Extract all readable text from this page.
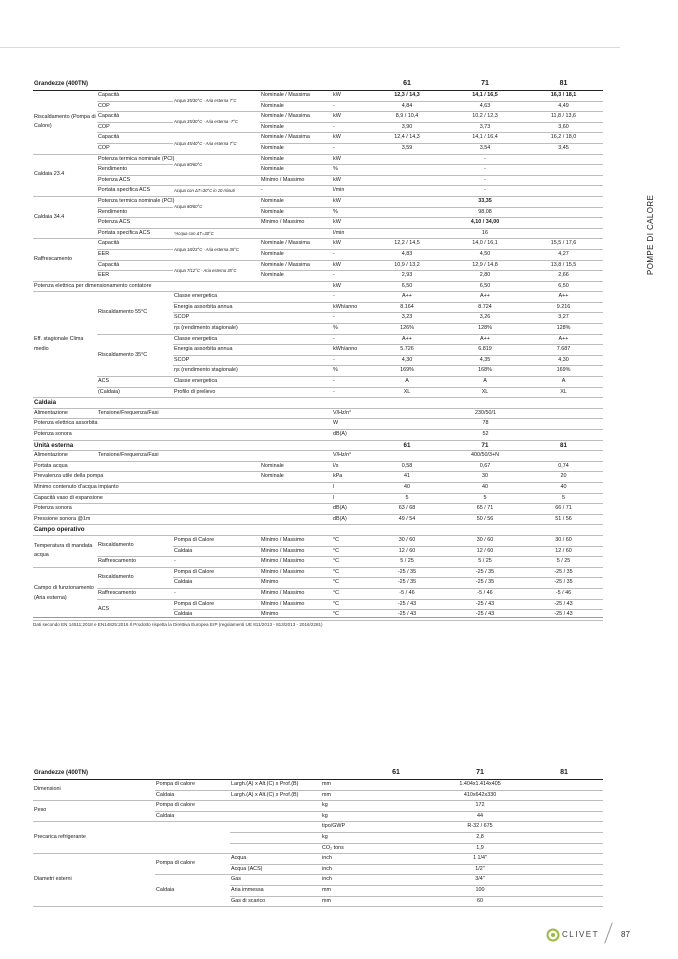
POMPE DI CALORE
Grandezze (400TN)					61	71	81
Riscaldamento (Pompa di Calore)	Capacità	Acqua 35/30°C - Aria esterna 7°C	Nominale / Massima	kW	12,3 / 14,3	14,1 / 16,5	16,3 / 18,1
	COP		Nominale	-	4,84	4,63	4,49
	Capacità	Acqua 35/30°C - Aria esterna -7°C	Nominale / Massima	kW	8,9 / 10,4	10,2 / 12,3	11,8 / 13,6
	COP		Nominale	-	3,90	3,73	3,60
	Capacità	Acqua 45/40°C - Aria esterna 7°C	Nominale / Massima	kW	12,4 / 14,3	14,1 / 16,4	16,2 / 18,0
	COP		Nominale	-	3,59	3,54	3,45
Caldaia 23.4	Potenza termica nominale (PCI)	Acqua 80/60°C	Nominale	kW		-	
	Rendimento		Nominale	%		-	
	Potenza ACS		Minimo / Massimo	kW		-	
	Portata specifica ACS	Acqua con ΔT=30°C in 10 minuti	-	l/min		-	
Caldaia 34.4	Potenza termica nominale (PCI)	Acqua 80/60°C	Nominale	kW		33,35	
	Rendimento		Nominale	%		98,08	
	Potenza ACS		Minimo / Massimo	kW		4,10 / 34,00	
	Portata specifica ACS	*Acqua con ΔT=30°C		l/min		16	
Raffrescamento	Capacità	Acqua 18/23°C - Aria esterna 35°C	Nominale / Massima	kW	12,2 / 14,5	14,0 / 16,1	15,5 / 17,6
	EER		Nominale	-	4,83	4,50	4,27
	Capacità	Acqua 7/12°C - Aria esterna 35°C	Nominale / Massima	kW	10,9 / 13,2	12,9 / 14,8	13,8 / 15,5
	EER		Nominale	-	2,93	2,80	2,66
Potenza elettrica per dimensionamento contatore				kW	6,50	6,50	6,50
Eff. stagionale Clima medio	Riscaldamento 55°C	Classe energetica		-	A++	A++	A++
		Energia assorbita annua		kWh/anno	8.164	8.724	9.216
		SCOP		-	3,23	3,26	3,27
		ηs (rendimento stagionale)		%	126%	128%	128%
	Riscaldamento 35°C	Classe energetica		-	A++	A++	A++
		Energia assorbita annua		kWh/anno	5.726	6.819	7.687
		SCOP		-	4,30	4,35	4,30
		ηs (rendimento stagionale)		%	169%	168%	169%
	ACS	Classe energetica		-	A	A	A
	(Caldaia)	Profilo di prelievo		-	XL	XL	XL
Caldaia							
Alimentazione	Tensione/Frequenza/Fasi			V/Hz/n°	230/50/1		
Potenza elettrica assorbita				W	78		
Potenza sonora				dB(A)	52		
Unità esterna					61	71	81
Alimentazione	Tensione/Frequenza/Fasi			V/Hz/n°		400/50/3+N	
Portata acqua			Nominale	l/s	0,58	0,67	0,74
Prevalenza utile della pompa			Nominale	kPa	41	30	20
Minimo contenuto d'acqua impianto				l	40	40	40
Capacità vaso di espansione				l	5	5	5
Potenza sonora				dB(A)	63 / 68	65 / 71	66 / 71
Pressione sonora @1m				dB(A)	49 / 54	50 / 56	51 / 56
Campo operativo							
Temperatura di mandata acqua	Riscaldamento	Pompa di Calore	Minimo / Massimo	°C	30 / 60	30 / 60	30 / 60
		Caldaia	Minimo / Massimo	°C	12 / 60	12 / 60	12 / 60
	Raffrescamento	-	Minimo / Massimo	°C	5 / 25	5 / 25	5 / 25
Campo di funzionamento (Aria esterna)	Riscaldamento	Pompa di Calore	Minimo / Massimo	°C	-25 / 35	-25 / 35	-25 / 35
		Caldaia	Minimo	°C	-25 / 35	-25 / 35	-25 / 35
	Raffrescamento	-	Minimo / Massimo	°C	-5 / 46	-5 / 46	-5 / 46
	ACS	Pompa di Calore	Minimo / Massimo	°C	-25 / 43	-25 / 43	-25 / 43
		Caldaia	Minimo	°C	-25 / 43	-25 / 43	-25 / 43
Dati secondo EN 14511:2018 e EN14825:2016 Il Prodotto rispetta la Direttiva Europea ErP (regolamenti UE 811/2013 - 813/2013 - 2016/2281)
Grandezze (400TN)				61	71	81
Dimensioni	Pompa di calore	Largh.(A) x Alt.(C) x Prof.(B)	mm	1.404x1.414x405		
	Caldaia	Largh.(A) x Alt.(C) x Prof.(B)	mm	410x642x330		
Peso	Pompa di calore		kg	172		
	Caldaia		kg	44		
Precarica refrigerante			tipo/GWP	R-32 / 675		
			kg	2,8		
			CO₂ tons	1,9		
Diametri esterni	Pompa di calore	Acqua	inch	1 1/4"		
		Acqua (ACS)	inch	1/2"		
	Caldaia	Gas	inch	3/4"		
		Aria immessa	mm	100		
		Gas di scarico	mm	60		
CLIVET	87
